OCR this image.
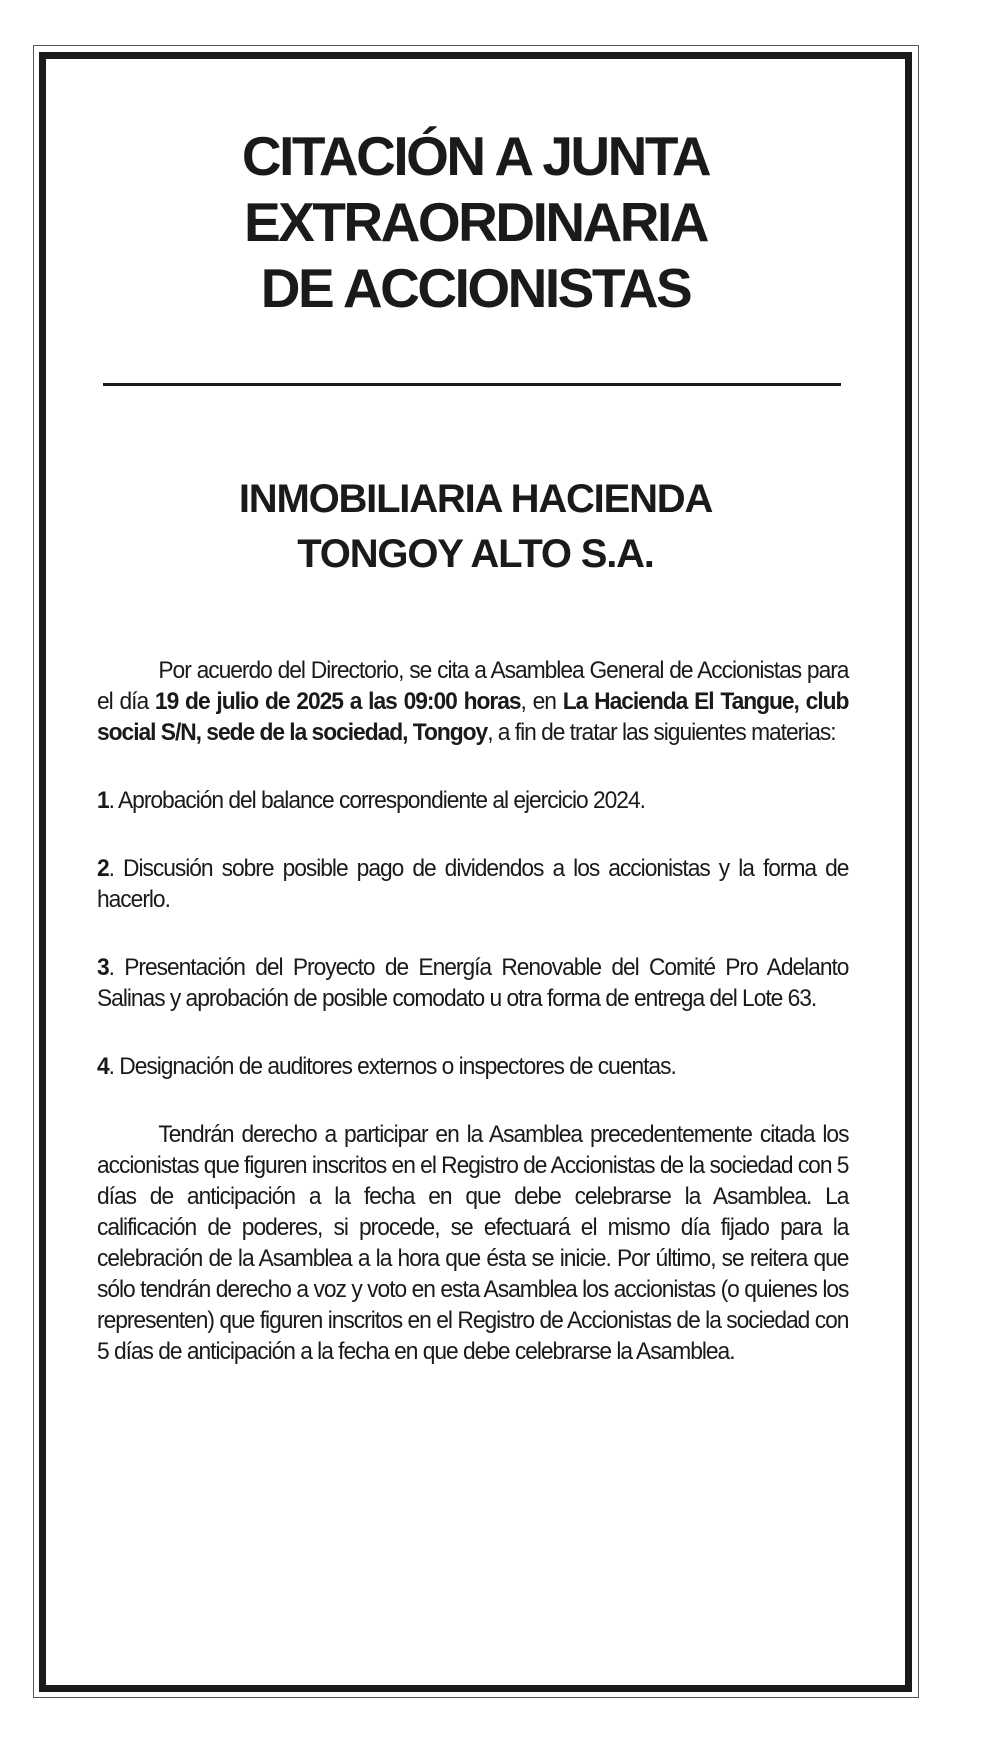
CITACIÓN A JUNTA
EXTRAORDINARIA
DE ACCIONISTAS
INMOBILIARIA HACIENDA
TONGOY ALTO S.A.

Por acuerdo del Directorio, se cita a Asamblea General de Accionistas para el día 19 de julio de 2025 a las 09:00 horas, en La Hacienda El Tangue, club social S/N, sede de la sociedad, Tongoy, a fin de tratar las siguientes materias:

1. Aprobación del balance correspondiente al ejercicio 2024.

2. Discusión sobre posible pago de dividendos a los accionistas y la forma de hacerlo.

3. Presentación del Proyecto de Energía Renovable del Comité Pro Adelanto Salinas y aprobación de posible comodato u otra forma de entrega del Lote 63.

4. Designación de auditores externos o inspectores de cuentas.

Tendrán derecho a participar en la Asamblea precedentemente citada los accionistas que figuren inscritos en el Registro de Accionistas de la sociedad con 5 días de anticipación a la fecha en que debe celebrarse la Asamblea. La calificación de poderes, si procede, se efectuará el mismo día fijado para la celebración de la Asamblea a la hora que ésta se inicie. Por último, se reitera que sólo tendrán derecho a voz y voto en esta Asamblea los accionistas (o quienes los representen) que figuren inscritos en el Registro de Accionistas de la sociedad con 5 días de anticipación a la fecha en que debe celebrarse la Asamblea.
